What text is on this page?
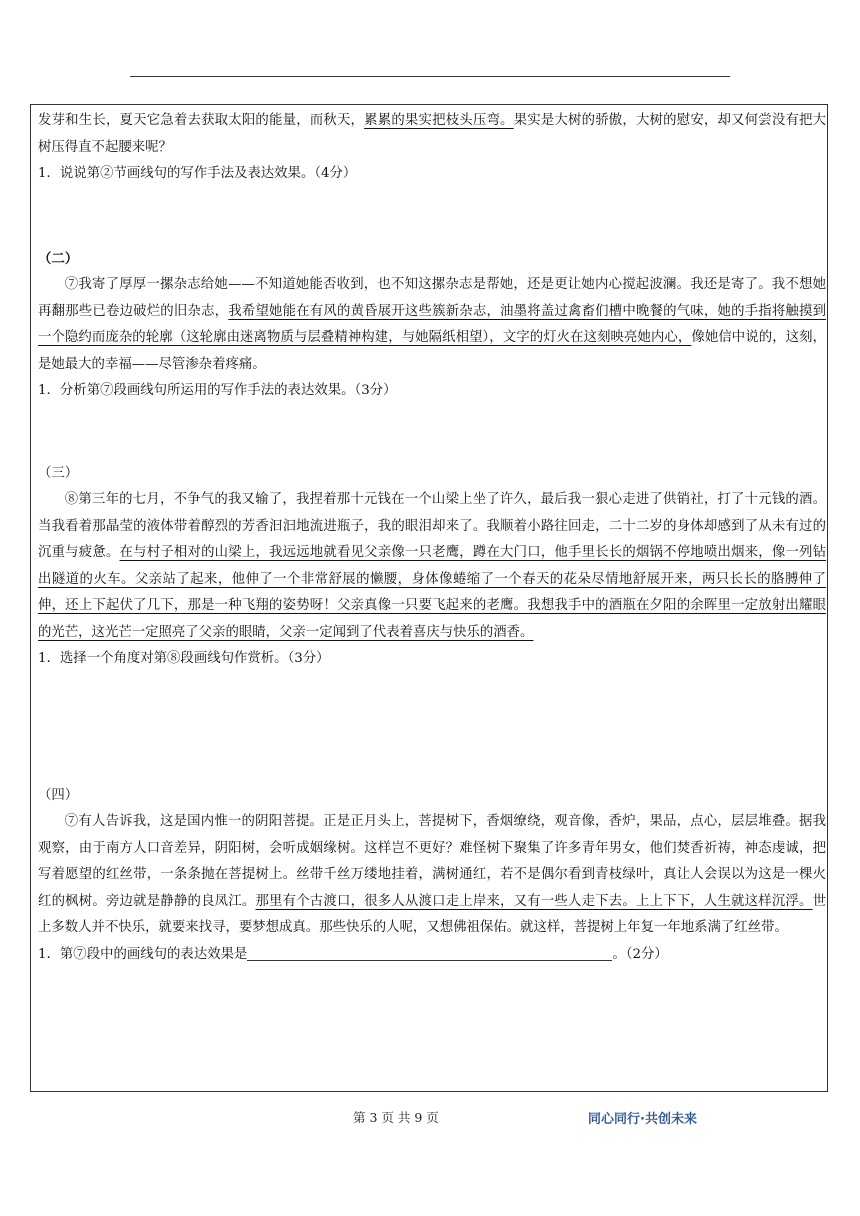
发芽和生长，夏天它急着去获取太阳的能量，而秋天，累累的果实把枝头压弯。果实是大树的骄傲，大树的慰安，却又何尝没有把大树压得直不起腰来呢？

1．说说第②节画线句的写作手法及表达效果。（4分）

（二）

⑦我寄了厚厚一摞杂志给她——不知道她能否收到，也不知这摞杂志是帮她，还是更让她内心搅起波澜。我还是寄了。我不想她再翻那些已卷边破烂的旧杂志，我希望她能在有风的黄昏展开这些簇新杂志，油墨将盖过禽畜们槽中晚餐的气味，她的手指将触摸到一个隐约而庞杂的轮廓（这轮廓由迷离物质与层叠精神构建，与她隔纸相望），文字的灯火在这刻映亮她内心，像她信中说的，这刻，是她最大的幸福——尽管渗杂着疼痛。

1．分析第⑦段画线句所运用的写作手法的表达效果。（3分）

（三）

⑧第三年的七月，不争气的我又输了，我捏着那十元钱在一个山梁上坐了许久，最后我一狠心走进了供销社，打了十元钱的酒。当我看着那晶莹的液体带着醇烈的芳香汩汩地流进瓶子，我的眼泪却来了。我顺着小路往回走，二十二岁的身体却感到了从未有过的沉重与疲惫。在与村子相对的山梁上，我远远地就看见父亲像一只老鹰，蹲在大门口，他手里长长的烟锅不停地喷出烟来，像一列钻出隧道的火车。父亲站了起来，他伸了一个非常舒展的懒腰，身体像蜷缩了一个春天的花朵尽情地舒展开来，两只长长的胳膊伸了伸，还上下起伏了几下，那是一种飞翔的姿势呀！父亲真像一只要飞起来的老鹰。我想我手中的酒瓶在夕阳的余晖里一定放射出耀眼的光芒，这光芒一定照亮了父亲的眼睛，父亲一定闻到了代表着喜庆与快乐的酒香。

1．选择一个角度对第⑧段画线句作赏析。（3分）

（四）

⑦有人告诉我，这是国内惟一的阴阳菩提。正是正月头上，菩提树下，香烟缭绕，观音像，香炉，果品，点心，层层堆叠。据我观察，由于南方人口音差异，阴阳树，会听成姻缘树。这样岂不更好？难怪树下聚集了许多青年男女，他们焚香祈祷，神态虔诚，把写着愿望的红丝带，一条条抛在菩提树上。丝带千丝万缕地挂着，满树通红，若不是偶尔看到青枝绿叶，真让人会误以为这是一棵火红的枫树。旁边就是静静的良凤江。那里有个古渡口，很多人从渡口走上岸来，又有一些人走下去。上上下下，人生就这样沉浮。世上多数人并不快乐，就要来找寻，要梦想成真。那些快乐的人呢，又想佛祖保佑。就这样，菩提树上年复一年地系满了红丝带。

1．第⑦段中的画线句的表达效果是	。（2分）

第 3 页 共 9 页	同心同行·共创未来
